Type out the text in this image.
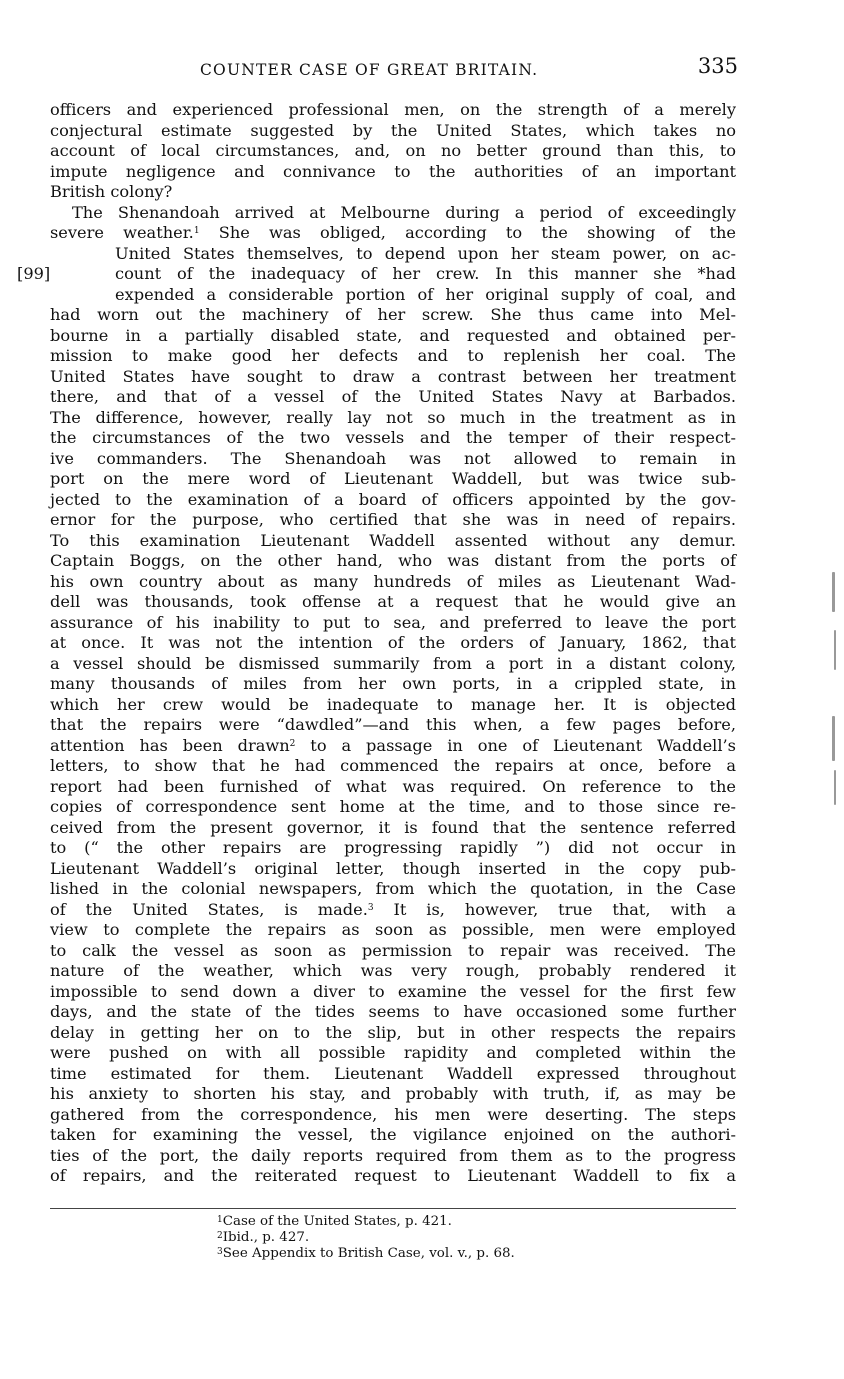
COUNTER CASE OF GREAT BRITAIN.	335

officers and experienced professional men, on the strength of a merely
conjectural estimate suggested by the United States, which takes no
account of local circumstances, and, on no better ground than this, to
impute negligence and connivance to the authorities of an important
British colony?

The Shenandoah arrived at Melbourne during a period of exceedingly
severe weather.$^1$ She was obliged, according to the showing of the
United States themselves, to depend upon her steam power, on ac-
[99]	count of the inadequacy of her crew. In this manner she *had
expended a considerable portion of her original supply of coal, and
had worn out the machinery of her screw. She thus came into Mel-
bourne in a partially disabled state, and requested and obtained per-
mission to make good her defects and to replenish her coal. The
United States have sought to draw a contrast between her treatment
there, and that of a vessel of the United States Navy at Barbados.
The difference, however, really lay not so much in the treatment as in
the circumstances of the two vessels and the temper of their respect-
ive commanders. The Shenandoah was not allowed to remain in
port on the mere word of Lieutenant Waddell, but was twice sub-
jected to the examination of a board of officers appointed by the gov-
ernor for the purpose, who certified that she was in need of repairs.
To this examination Lieutenant Waddell assented without any demur.
Captain Boggs, on the other hand, who was distant from the ports of
his own country about as many hundreds of miles as Lieutenant Wad-
dell was thousands, took offense at a request that he would give an
assurance of his inability to put to sea, and preferred to leave the port
at once. It was not the intention of the orders of January, 1862, that
a vessel should be dismissed summarily from a port in a distant colony,
many thousands of miles from her own ports, in a crippled state, in
which her crew would be inadequate to manage her. It is objected
that the repairs were “dawdled”—and this when, a few pages before,
attention has been drawn$^2$ to a passage in one of Lieutenant Waddell’s
letters, to show that he had commenced the repairs at once, before a
report had been furnished of what was required. On reference to the
copies of correspondence sent home at the time, and to those since re-
ceived from the present governor, it is found that the sentence referred
to (“ the other repairs are progressing rapidly ”) did not occur in
Lieutenant Waddell’s original letter, though inserted in the copy pub-
lished in the colonial newspapers, from which the quotation, in the Case
of the United States, is made.$^3$ It is, however, true that, with a
view to complete the repairs as soon as possible, men were employed
to calk the vessel as soon as permission to repair was received. The
nature of the weather, which was very rough, probably rendered it
impossible to send down a diver to examine the vessel for the first few
days, and the state of the tides seems to have occasioned some further
delay in getting her on to the slip, but in other respects the repairs
were pushed on with all possible rapidity and completed within the
time estimated for them. Lieutenant Waddell expressed throughout
his anxiety to shorten his stay, and probably with truth, if, as may be
gathered from the correspondence, his men were deserting. The steps
taken for examining the vessel, the vigilance enjoined on the authori-
ties of the port, the daily reports required from them as to the progress
of repairs, and the reiterated request to Lieutenant Waddell to fix a

$^1$Case of the United States, p. 421.
$^2$Ibid., p. 427.
$^3$See Appendix to British Case, vol. v., p. 68.
